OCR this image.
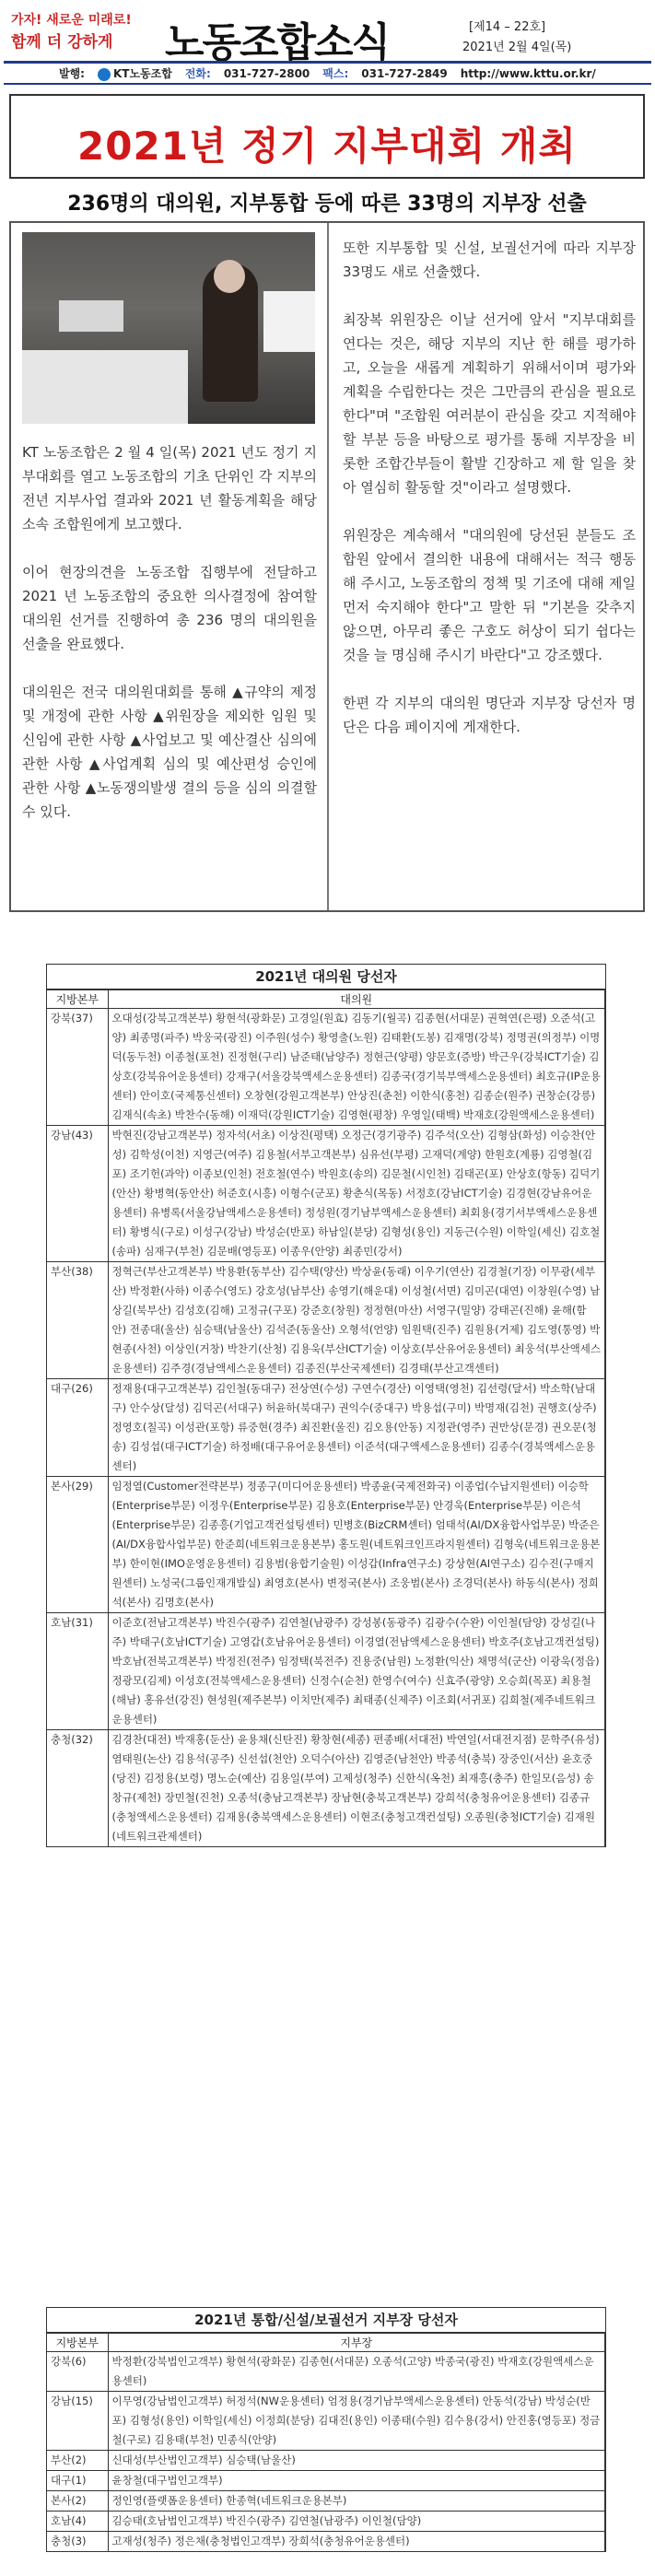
가자! 새로운 미래로!
함께 더 강하게	노동조합소식	[제14 – 22호]
2021년 2월 4일(목)
발행:	KT노동조합 전화: 031-727-2800 팩스: 031-727-2849 http://www.kttu.or.kr/
2021년 정기 지부대회 개최
236명의 대의원, 지부통합 등에 따른 33명의 지부장 선출

KT 노동조합은 2 월 4 일(목) 2021 년도 정기 지부대회를 열고 노동조합의 기초 단위인 각 지부의 전년 지부사업 결과와 2021 년 활동계획을 해당 소속 조합원에게 보고했다.

이어 현장의견을 노동조합 집행부에 전달하고 2021 년 노동조합의 중요한 의사결정에 참여할 대의원 선거를 진행하여 총 236 명의 대의원을 선출을 완료했다.

대의원은 전국 대의원대회를 통해 ▲규약의 제정 및 개정에 관한 사항 ▲위원장을 제외한 임원 및 신임에 관한 사항 ▲사업보고 및 예산결산 심의에 관한 사항 ▲사업계획 심의 및 예산편성 승인에 관한 사항 ▲노동쟁의발생 결의 등을 심의 의결할 수 있다.

또한 지부통합 및 신설, 보궐선거에 따라 지부장 33명도 새로 선출했다.

최장복 위원장은 이날 선거에 앞서 "지부대회를 연다는 것은, 해당 지부의 지난 한 해를 평가하고, 오늘을 새롭게 계획하기 위해서이며 평가와 계획을 수립한다는 것은 그만큼의 관심을 필요로 한다"며 "조합원 여러분이 관심을 갖고 지적해야 할 부분 등을 바탕으로 평가를 통해 지부장을 비롯한 조합간부들이 활발 긴장하고 제 할 일을 찾아 열심히 활동할 것"이라고 설명했다.

위원장은 계속해서 "대의원에 당선된 분들도 조합원 앞에서 결의한 내용에 대해서는 적극 행동해 주시고, 노동조합의 정책 및 기조에 대해 제일 먼저 숙지해야 한다"고 말한 뒤 "기본을 갖추지 않으면, 아무리 좋은 구호도 허상이 되기 쉽다는 것을 늘 명심해 주시기 바란다"고 강조했다.

한편 각 지부의 대의원 명단과 지부장 당선자 명단은 다음 페이지에 게재한다.

2021년 대의원 당선자
지방본부	대의원
강북(37)	오대성(강북고객본부) 황현석(광화문) 고경일(원효) 김동기(월곡) 김종현(서대문) 권혁연(은평) 오준석(고양) 최종명(파주) 박웅국(광진) 이주원(성수) 황영출(노원) 김태환(도봉) 김재명(강북) 정명권(의정부) 이명덕(동두천) 이종철(포천) 진정현(구리) 남준태(남양주) 정현근(양평) 양문호(증방) 박근우(강북ICT기술) 김상호(강북유어운용센터) 강재구(서울강북액세스운용센터) 김종국(경기북부액세스운용센터) 최호규(IP운용센터) 안이호(국제통신센터) 오창현(강원고객본부) 안상진(춘천) 이한식(홍천) 김종순(원주) 권창순(강릉) 김재식(속초) 박찬수(동해) 이재덕(강원ICT기술) 김영현(평창) 우영일(태백) 박재호(강원액세스운용센터)
강남(43)	박현진(강남고객본부) 정자석(서초) 이상진(평택) 오정근(경기광주) 김주석(오산) 김형삼(화성) 이승찬(안성) 김학성(이천) 지영근(여주) 김용철(서부고객본부) 심유선(부평) 고재덕(계양) 한원호(계룡) 김영철(김포) 조기헌(과악) 이종보(인천) 전호철(연수) 박원호(송의) 김문철(시인천) 김태곤(포) 안상호(항동) 김덕기(안산) 황병혁(동안산) 허준호(시흥) 이형수(군포) 황춘식(목동) 서정호(강남ICT기술) 김경현(강남유어운용센터) 유병록(서울강남액세스운용센터) 정성원(경기남부액세스운용센터) 최회용(경기서부액세스운용센터) 황병식(구로) 이성구(강남) 박성순(반포) 하남일(분당) 김형성(용인) 지동근(수원) 이학일(세신) 김호철(송파) 심재구(부천) 김문배(영등포) 이종우(안양) 최종민(강서)
부산(38)	정혁근(부산고객본부) 박용환(동부산) 김수택(양산) 박상윤(동래) 이우기(연산) 김경철(기장) 이무광(세부산) 박정환(사하) 이종수(영도) 강호성(남부산) 송영기(해운대) 이성철(서면) 김미곤(대연) 이창원(수영) 남상길(북부산) 김성호(김해) 고정규(구포) 강준호(창원) 정정현(마산) 서영구(밀양) 강태곤(진해) 윤해(함안) 전종대(울산) 심승택(남울산) 김석준(동울산) 오형석(언양) 임원택(진주) 김원용(거제) 김도영(통영) 박현종(사천) 이상인(거창) 박찬기(산청) 김용욱(부산ICT기술) 이상호(부산유어운용센터) 최웅석(부산액세스운용센터) 김주경(경남액세스운용센터) 김종진(부산국제센터) 김경태(부산고객센터)
대구(26)	정재용(대구고객본부) 김인철(동대구) 전상연(수성) 구연수(경산) 이영택(영천) 김선령(달서) 박소학(남대구) 안수상(달성) 김덕곤(서대구) 허윤하(북대구) 권익수(중대구) 박용섭(구미) 박명재(김천) 권행호(상주) 정영호(칠곡) 이성관(포항) 류중현(경주) 최진환(울진) 김오용(안동) 지정관(영주) 권만상(문경) 권오문(청송) 김성섭(대구ICT기술) 하정배(대구유어운용센터) 이준석(대구액세스운용센터) 김종수(경북액세스운용센터)
본사(29)	임정열(Customer전략본부) 정종구(미디어운용센터) 박종윤(국제전화국) 이종업(수납지원센터) 이승학(Enterprise부문) 이정우(Enterprise부문) 김용호(Enterprise부문) 안경욱(Enterprise부문) 이은석(Enterprise부문) 김종흥(기업고객컨설팅센터) 민병호(BizCRM센터) 엄태석(AI/DX융합사업부문) 박준은(AI/DX융합사업부문) 한준희(네트워크운용본부) 홍도원(네트워크인프라지원센터) 김형욱(네트워크운용본부) 한이현(IMO운영운용센터) 김용범(융합기술원) 이성갑(Infra연구소) 강상현(AI연구소) 김수진(구매지원센터) 노성국(그룹인재개발실) 최영호(본사) 변정국(본사) 조웅범(본사) 조경덕(본사) 하동식(본사) 정희석(본사) 김명호(본사)
호남(31)	이준호(전남고객본부) 박진수(광주) 김연철(남광주) 강성봉(동광주) 김광수(수완) 이인철(담양) 강성길(나주) 박태구(호남ICT기술) 고영갑(호남유어운용센터) 이경열(전남액세스운용센터) 박호주(호남고객컨설팅) 박호남(전북고객본부) 박정진(전주) 임정택(북전주) 진용중(남원) 노정환(익산) 채명석(군산) 이광욱(정읍) 정광모(김제) 이성호(전북액세스운용센터) 신정수(순천) 한영수(여수) 신효주(광양) 오승희(목포) 최용철(해남) 홍유선(강진) 현성원(제주본부) 이치만(제주) 최태종(신제주) 이조회(서귀포) 김희철(제주네트워크운용센터)
충청(32)	김경찬(대전) 박재홍(둔산) 윤용채(신탄진) 황창현(세종) 편종배(서대전) 박연일(서대전지점) 문학주(유성) 염태원(논산) 김용석(공주) 신선섭(천안) 오덕수(아산) 김영준(남천안) 박종석(충북) 장중인(서산) 윤호중(당진) 김정용(보령) 명노순(예산) 김용일(부여) 고제성(청주) 신한식(옥천) 최재흥(충주) 한일모(음성) 송창규(제천) 장민철(진천) 오종석(충남고객본부) 장남현(충북고객본부) 강희석(충청유어운용센터) 김종규(충청액세스운용센터) 김재용(충북액세스운용센터) 이현조(충청고객컨설팅) 오종원(충청ICT기술) 김재원(네트워크관제센터)
2021년 통합/신설/보궐선거 지부장 당선자
지방본부	지부장
강북(6)	박정환(강북법인고객부) 황현석(광화문) 김종현(서대문) 오종석(고양) 박종국(광진) 박재호(강원액세스운용센터)
강남(15)	이무영(강남법인고객부) 허정석(NW운용센터) 엄정용(경기남부액세스운용센터) 안동석(강남) 박성순(반포) 김형성(용인) 이학일(세신) 이정희(분당) 김대진(용인) 이종태(수원) 김수용(강서) 안진홍(영등포) 정금철(구로) 김용태(부천) 민종식(안양)
부산(2)	신대성(부산법인고객부) 심승택(남울산)
대구(1)	윤창철(대구법인고객부)
본사(2)	정인영(플랫폼운용센터) 한종혁(네트워크운용본부)
호남(4)	김승태(호남법인고객부) 박진수(광주) 김연철(남광주) 이인철(담양)
충청(3)	고재성(청주) 정은채(충청법인고객부) 장희석(충청유어운용센터)
